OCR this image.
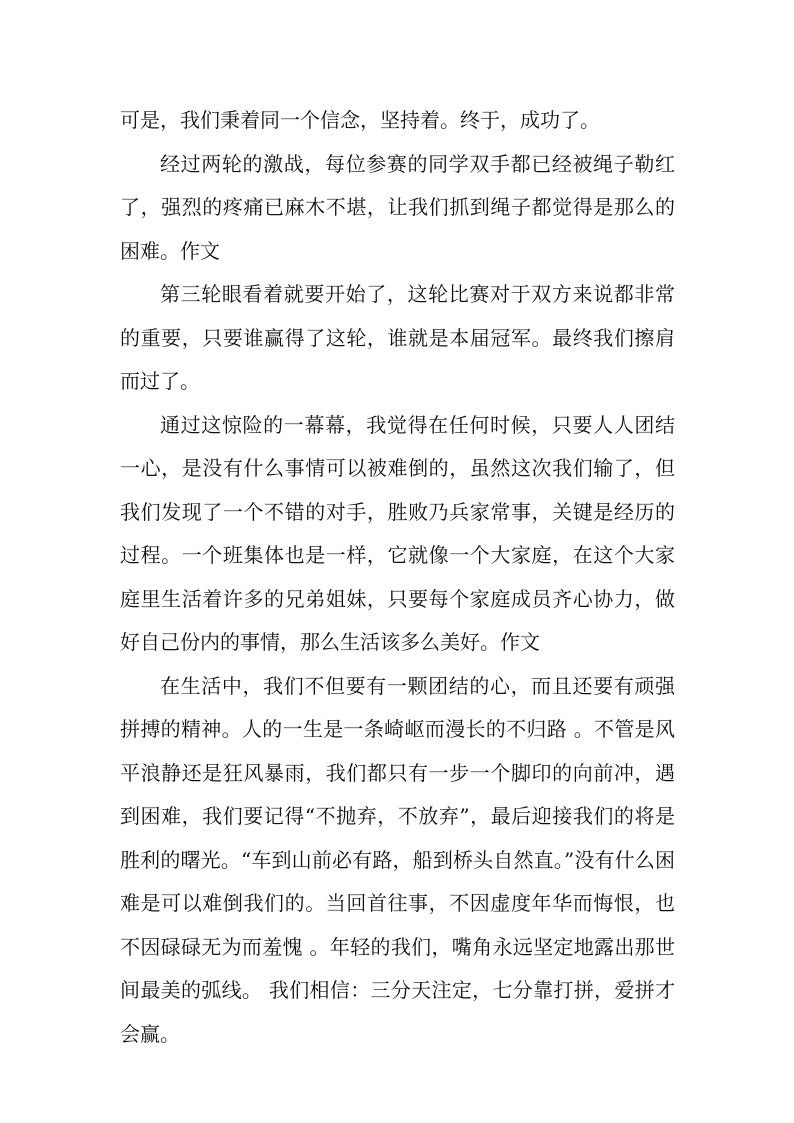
可是，我们秉着同一个信念，坚持着。终于，成功了。

经过两轮的激战，每位参赛的同学双手都已经被绳子勒红了，强烈的疼痛已麻木不堪，让我们抓到绳子都觉得是那么的困难。作文

第三轮眼看着就要开始了，这轮比赛对于双方来说都非常的重要，只要谁赢得了这轮，谁就是本届冠军。最终我们擦肩而过了。

通过这惊险的一幕幕，我觉得在任何时候，只要人人团结一心，是没有什么事情可以被难倒的，虽然这次我们输了，但我们发现了一个不错的对手，胜败乃兵家常事，关键是经历的过程。一个班集体也是一样，它就像一个大家庭，在这个大家庭里生活着许多的兄弟姐妹，只要每个家庭成员齐心协力，做好自己份内的事情，那么生活该多么美好。作文

在生活中，我们不但要有一颗团结的心，而且还要有顽强拼搏的精神。人的一生是一条崎岖而漫长的不归路 。不管是风平浪静还是狂风暴雨，我们都只有一步一个脚印的向前冲，遇到困难，我们要记得“不抛弃，不放弃”，最后迎接我们的将是胜利的曙光。“车到山前必有路，船到桥头自然直。”没有什么困难是可以难倒我们的。当回首往事，不因虚度年华而悔恨，也不因碌碌无为而羞愧 。年轻的我们，嘴角永远坚定地露出那世间最美的弧线。 我们相信：三分天注定，七分靠打拼，爱拼才会赢。
